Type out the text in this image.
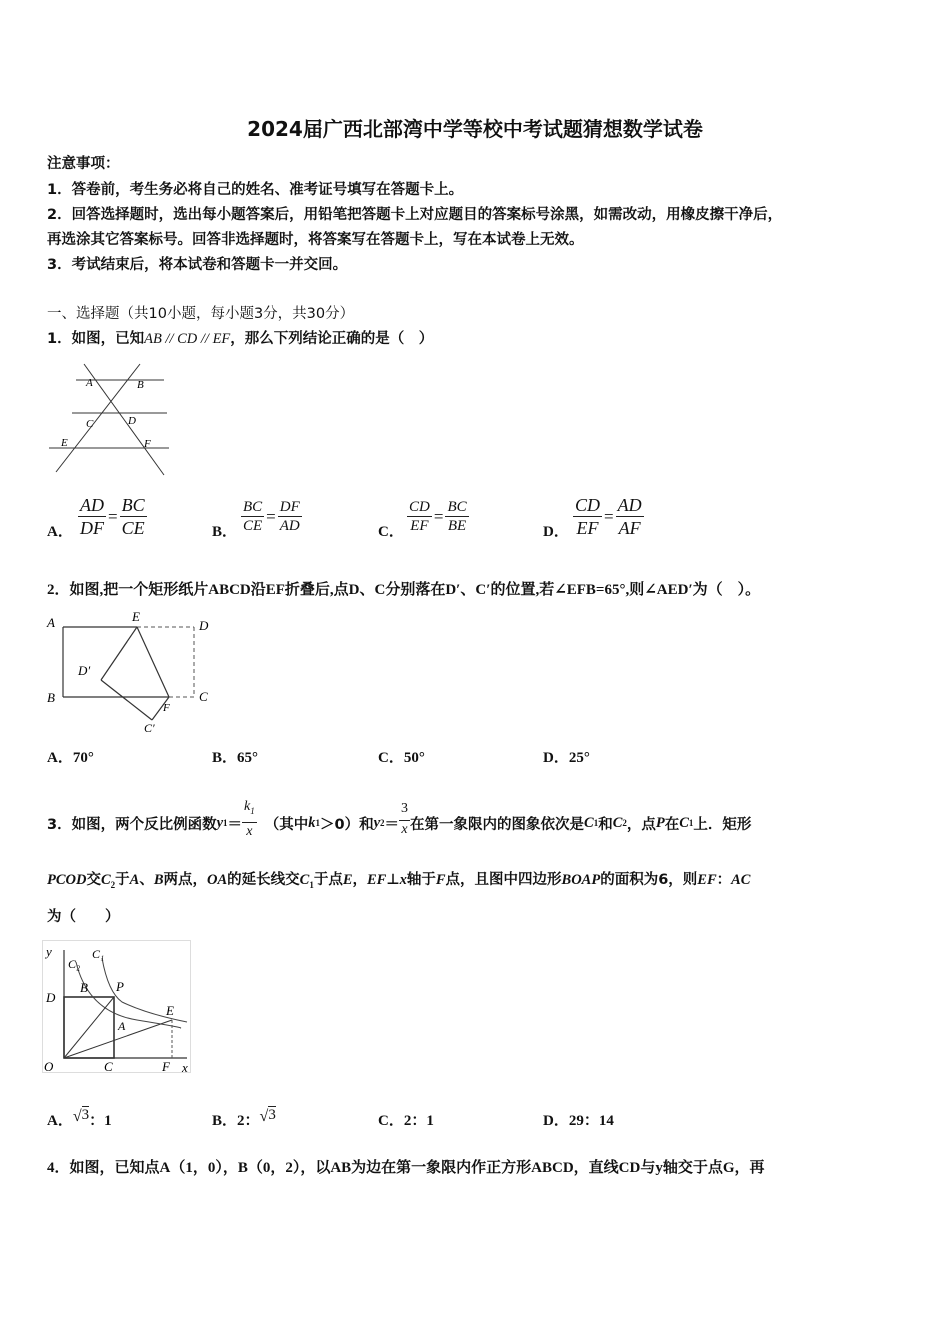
2024届广西北部湾中学等校中考试题猜想数学试卷
注意事项：
1．答卷前，考生务必将自己的姓名、准考证号填写在答题卡上。
2．回答选择题时，选出每小题答案后，用铅笔把答题卡上对应题目的答案标号涂黑，如需改动，用橡皮擦干净后，
再选涂其它答案标号。回答非选择题时，将答案写在答题卡上，写在本试卷上无效。
3．考试结束后，将本试卷和答题卡一并交回。
一、选择题（共10小题，每小题3分，共30分）
1．如图，已知AB // CD // EF，那么下列结论正确的是（　）
A	B
C	D
E	F
A． $\frac{AD}{DF} = \frac{BC}{CE}$	B． $\frac{BC}{CE} = \frac{DF}{AD}$	C． $\frac{CD}{EF} = \frac{BC}{BE}$	D． $\frac{CD}{EF} = \frac{AD}{AF}$
2．如图,把一个矩形纸片ABCD沿EF折叠后,点D、C分别落在D′、C′的位置,若∠EFB=65°,则∠AED′为（　）。
A	E
D
D′
B	C
F
C′
A．70°	B．65°	C．50°	D．25°
3．如图，两个反比例函数 y 1 ＝
$k_1$
x （其中 k 1 ＞0）和 y 2 ＝
3
x 在第一象限内的图象依次是 C 1 和 C 2 ，点 P 在 C 1 上．矩形
PCOD交$C_2$于A、B两点，OA的延长线交$C_1$于点E，EF⊥x轴于F点，且图中四边形BOAP的面积为6，则EF：AC
为（　　）
y
x
O	C	F
D
B P
A
E
C₁
C₂
A． √ 3 ：1	B． 2： √ 3	C．2：1	D．29：14
4．如图，已知点A（1，0），B（0，2），以AB为边在第一象限内作正方形ABCD，直线CD与y轴交于点G，再
